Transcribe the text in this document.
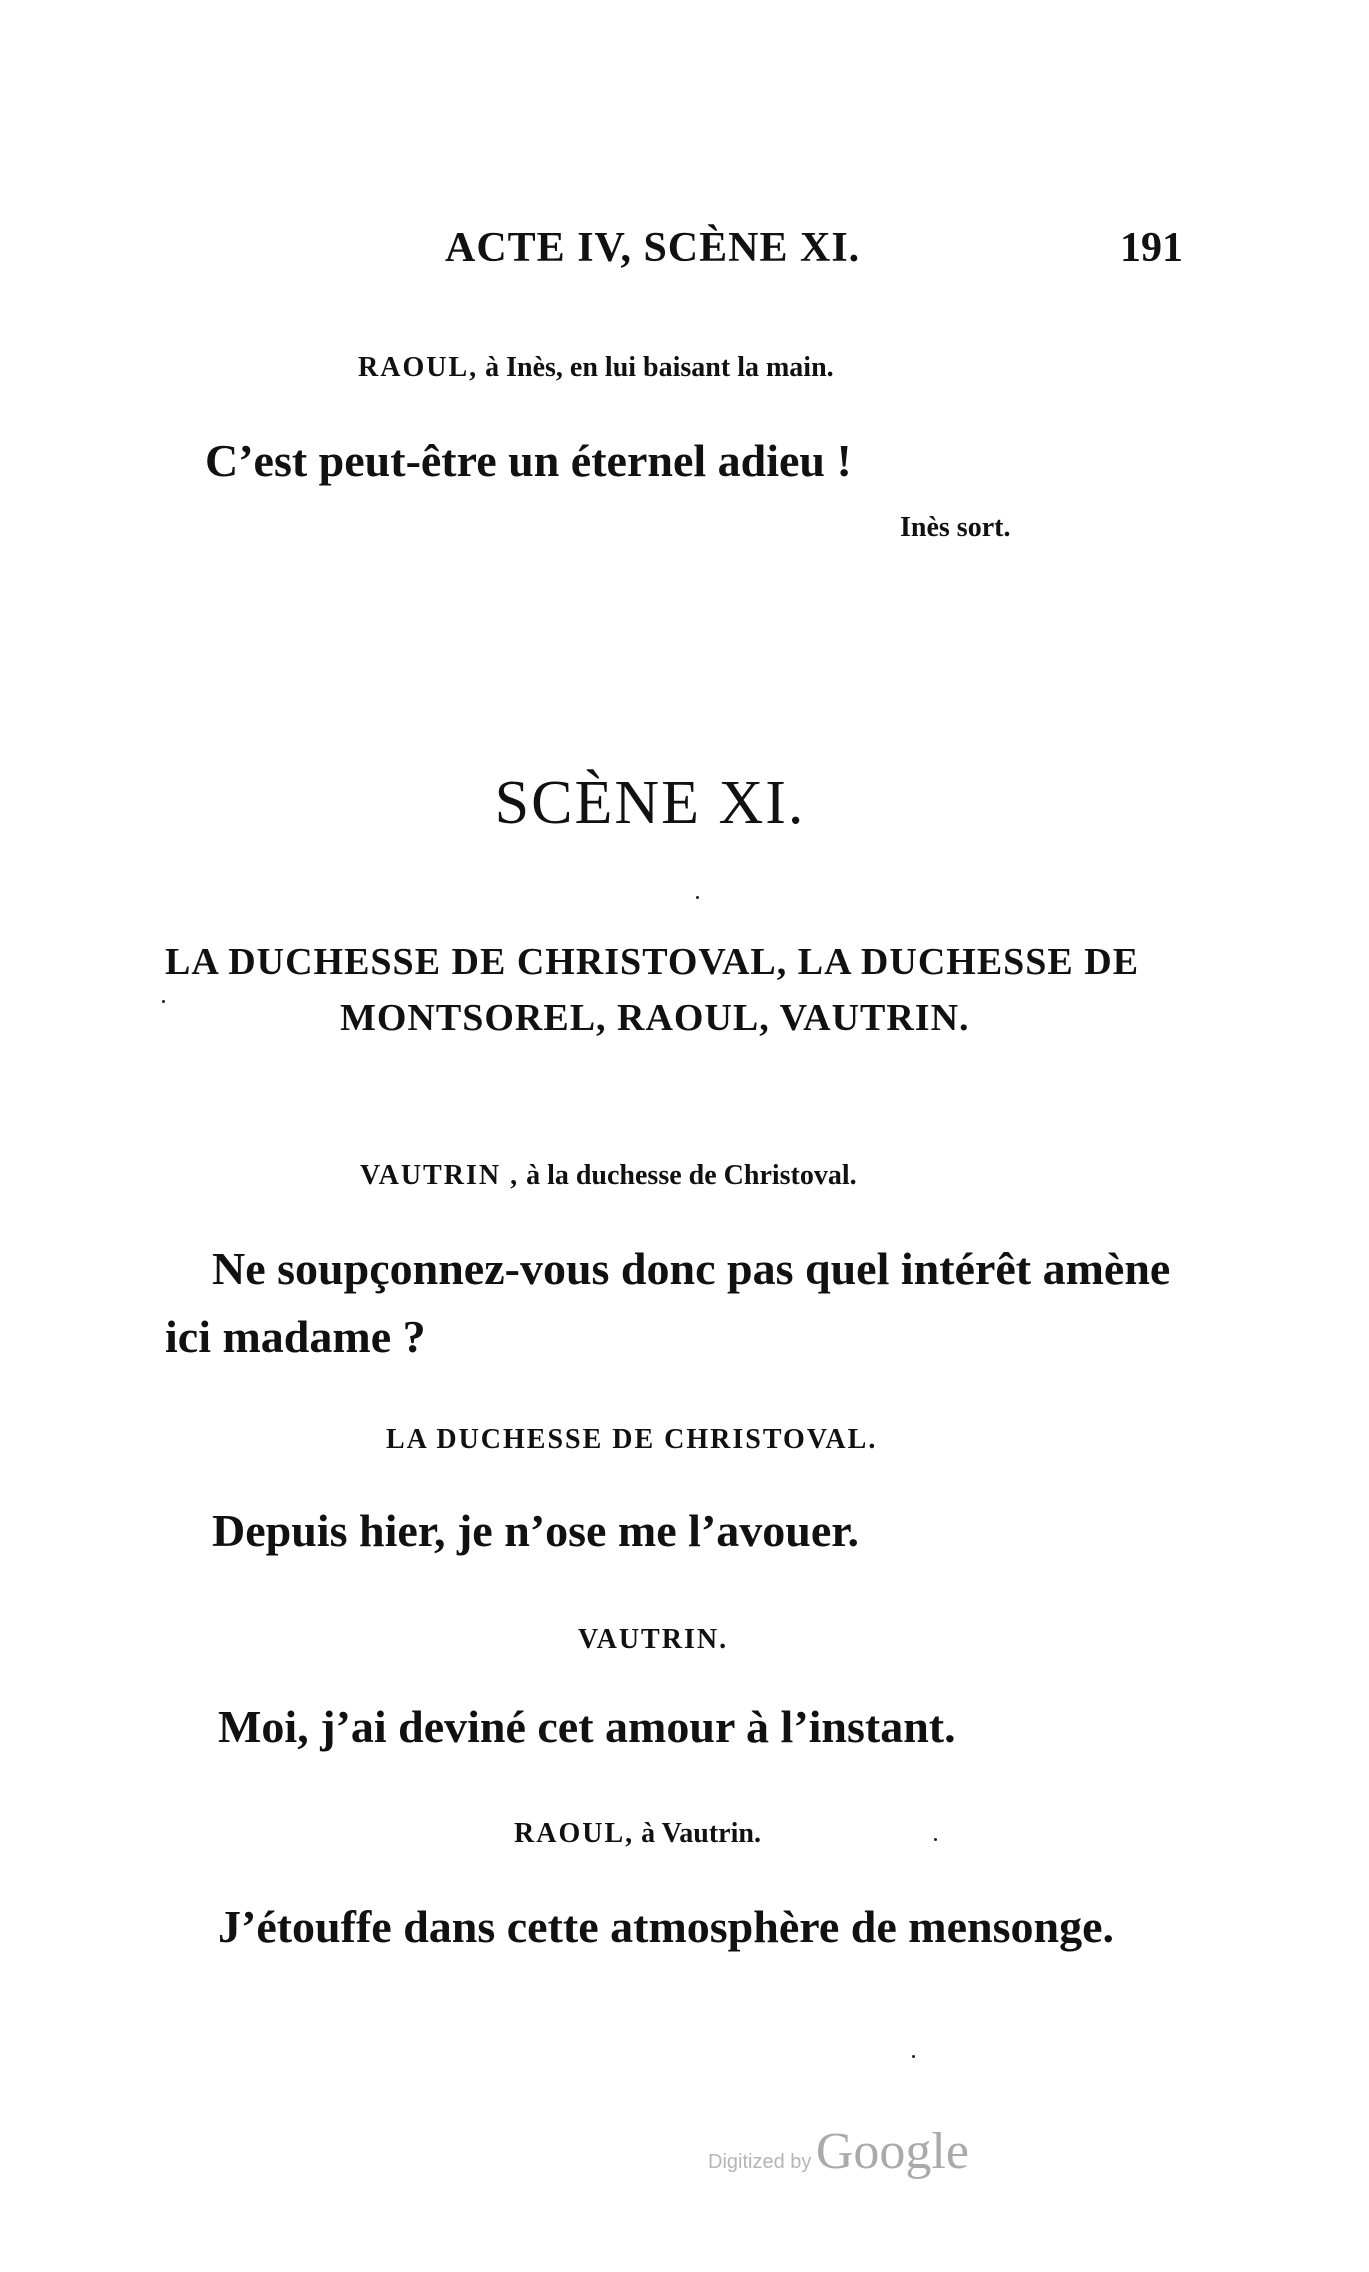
ACTE IV, SCÈNE XI.	191
RAOUL, à Inès, en lui baisant la main.
C’est peut-être un éternel adieu !
Inès sort.
SCÈNE XI.
LA DUCHESSE DE CHRISTOVAL, LA DUCHESSE DE
MONTSOREL, RAOUL, VAUTRIN.
VAUTRIN , à la duchesse de Christoval.
Ne soupçonnez-vous donc pas quel intérêt amène
ici madame ?
LA DUCHESSE DE CHRISTOVAL.
Depuis hier, je n’ose me l’avouer.
VAUTRIN.
Moi, j’ai deviné cet amour à l’instant.
RAOUL, à Vautrin.
J’étouffe dans cette atmosphère de mensonge.
Digitized by Google
